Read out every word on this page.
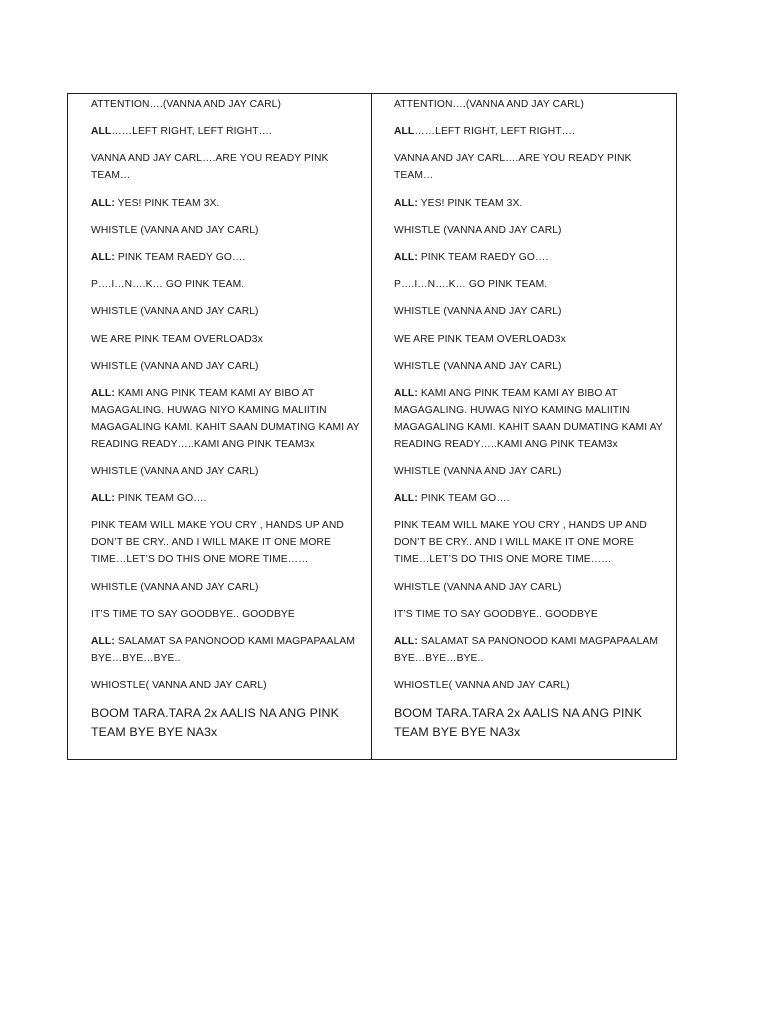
ATTENTION….(VANNA AND JAY CARL)
ALL……LEFT RIGHT, LEFT RIGHT….
VANNA AND JAY CARL….ARE YOU READY PINK TEAM…
ALL: YES! PINK TEAM 3X.
WHISTLE (VANNA AND JAY CARL)
ALL: PINK TEAM RAEDY GO….
P….I…N….K… GO PINK TEAM.
WHISTLE (VANNA AND JAY CARL)
WE ARE PINK TEAM OVERLOAD3x
WHISTLE (VANNA AND JAY CARL)
ALL: KAMI ANG PINK TEAM KAMI AY BIBO AT MAGAGALING. HUWAG NIYO KAMING MALIITIN MAGAGALING KAMI. KAHIT SAAN DUMATING KAMI AY READING READY…..KAMI ANG PINK TEAM3x
WHISTLE (VANNA AND JAY CARL)
ALL: PINK TEAM GO….
PINK TEAM WILL MAKE YOU CRY , HANDS UP AND DON’T BE CRY.. AND I WILL MAKE IT ONE MORE TIME…LET’S DO THIS ONE MORE TIME……
WHISTLE (VANNA AND JAY CARL)
IT’S TIME TO SAY GOODBYE.. GOODBYE
ALL: SALAMAT SA PANONOOD KAMI MAGPAPAALAM BYE…BYE…BYE..
WHIOSTLE( VANNA AND JAY CARL)
BOOM TARA.TARA 2x AALIS NA ANG PINK TEAM BYE BYE NA3x
ATTENTION….(VANNA AND JAY CARL)
ALL……LEFT RIGHT, LEFT RIGHT….
VANNA AND JAY CARL….ARE YOU READY PINK TEAM…
ALL: YES! PINK TEAM 3X.
WHISTLE (VANNA AND JAY CARL)
ALL: PINK TEAM RAEDY GO….
P….I…N….K… GO PINK TEAM.
WHISTLE (VANNA AND JAY CARL)
WE ARE PINK TEAM OVERLOAD3x
WHISTLE (VANNA AND JAY CARL)
ALL: KAMI ANG PINK TEAM KAMI AY BIBO AT MAGAGALING. HUWAG NIYO KAMING MALIITIN MAGAGALING KAMI. KAHIT SAAN DUMATING KAMI AY READING READY…..KAMI ANG PINK TEAM3x
WHISTLE (VANNA AND JAY CARL)
ALL: PINK TEAM GO….
PINK TEAM WILL MAKE YOU CRY , HANDS UP AND DON’T BE CRY.. AND I WILL MAKE IT ONE MORE TIME…LET’S DO THIS ONE MORE TIME……
WHISTLE (VANNA AND JAY CARL)
IT’S TIME TO SAY GOODBYE.. GOODBYE
ALL: SALAMAT SA PANONOOD KAMI MAGPAPAALAM BYE…BYE…BYE..
WHIOSTLE( VANNA AND JAY CARL)
BOOM TARA.TARA 2x AALIS NA ANG PINK TEAM BYE BYE NA3x
